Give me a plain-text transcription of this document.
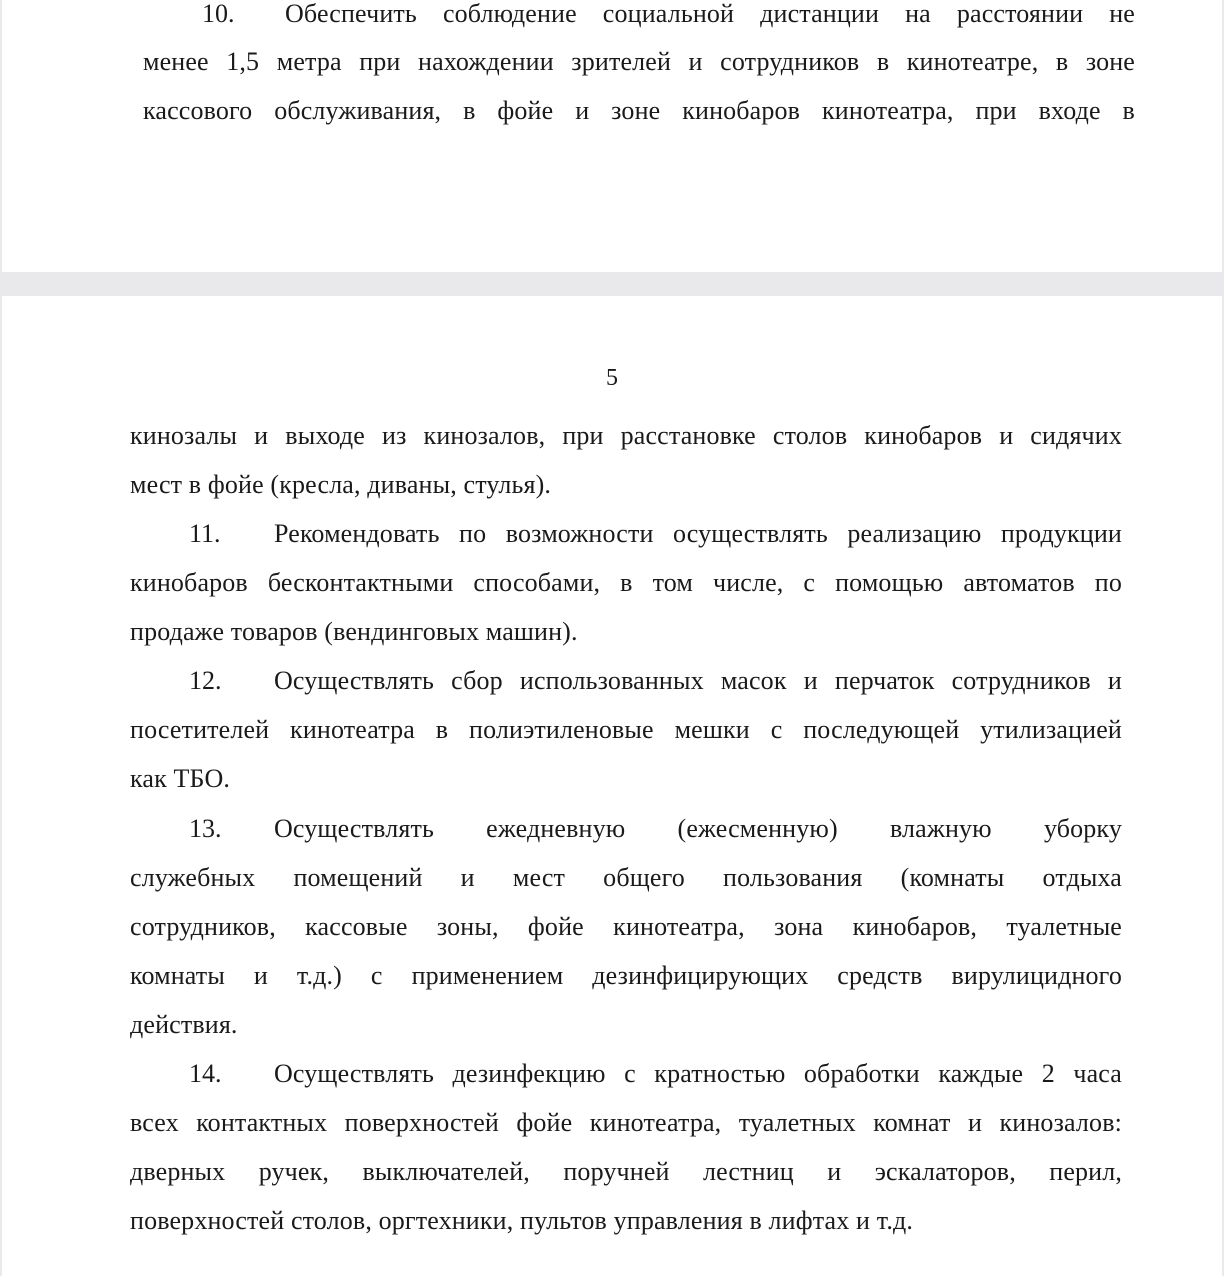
10. Обеспечить соблюдение социальной дистанции на расстоянии не
менее 1,5 метра при нахождении зрителей и сотрудников в кинотеатре, в зоне
кассового обслуживания, в фойе и зоне кинобаров кинотеатра, при входе в
5
кинозалы и выходе из кинозалов, при расстановке столов кинобаров и сидячих
мест в фойе (кресла, диваны, стулья).
11. Рекомендовать по возможности осуществлять реализацию продукции
кинобаров бесконтактными способами, в том числе, с помощью автоматов по
продаже товаров (вендинговых машин).
12. Осуществлять сбор использованных масок и перчаток сотрудников и
посетителей кинотеатра в полиэтиленовые мешки с последующей утилизацией
как ТБО.
13. Осуществлять ежедневную (ежесменную) влажную уборку
служебных помещений и мест общего пользования (комнаты отдыха
сотрудников, кассовые зоны, фойе кинотеатра, зона кинобаров, туалетные
комнаты и т.д.) с применением дезинфицирующих средств вирулицидного
действия.
14. Осуществлять дезинфекцию с кратностью обработки каждые 2 часа
всех контактных поверхностей фойе кинотеатра, туалетных комнат и кинозалов:
дверных ручек, выключателей, поручней лестниц и эскалаторов, перил,
поверхностей столов, оргтехники, пультов управления в лифтах и т.д.
